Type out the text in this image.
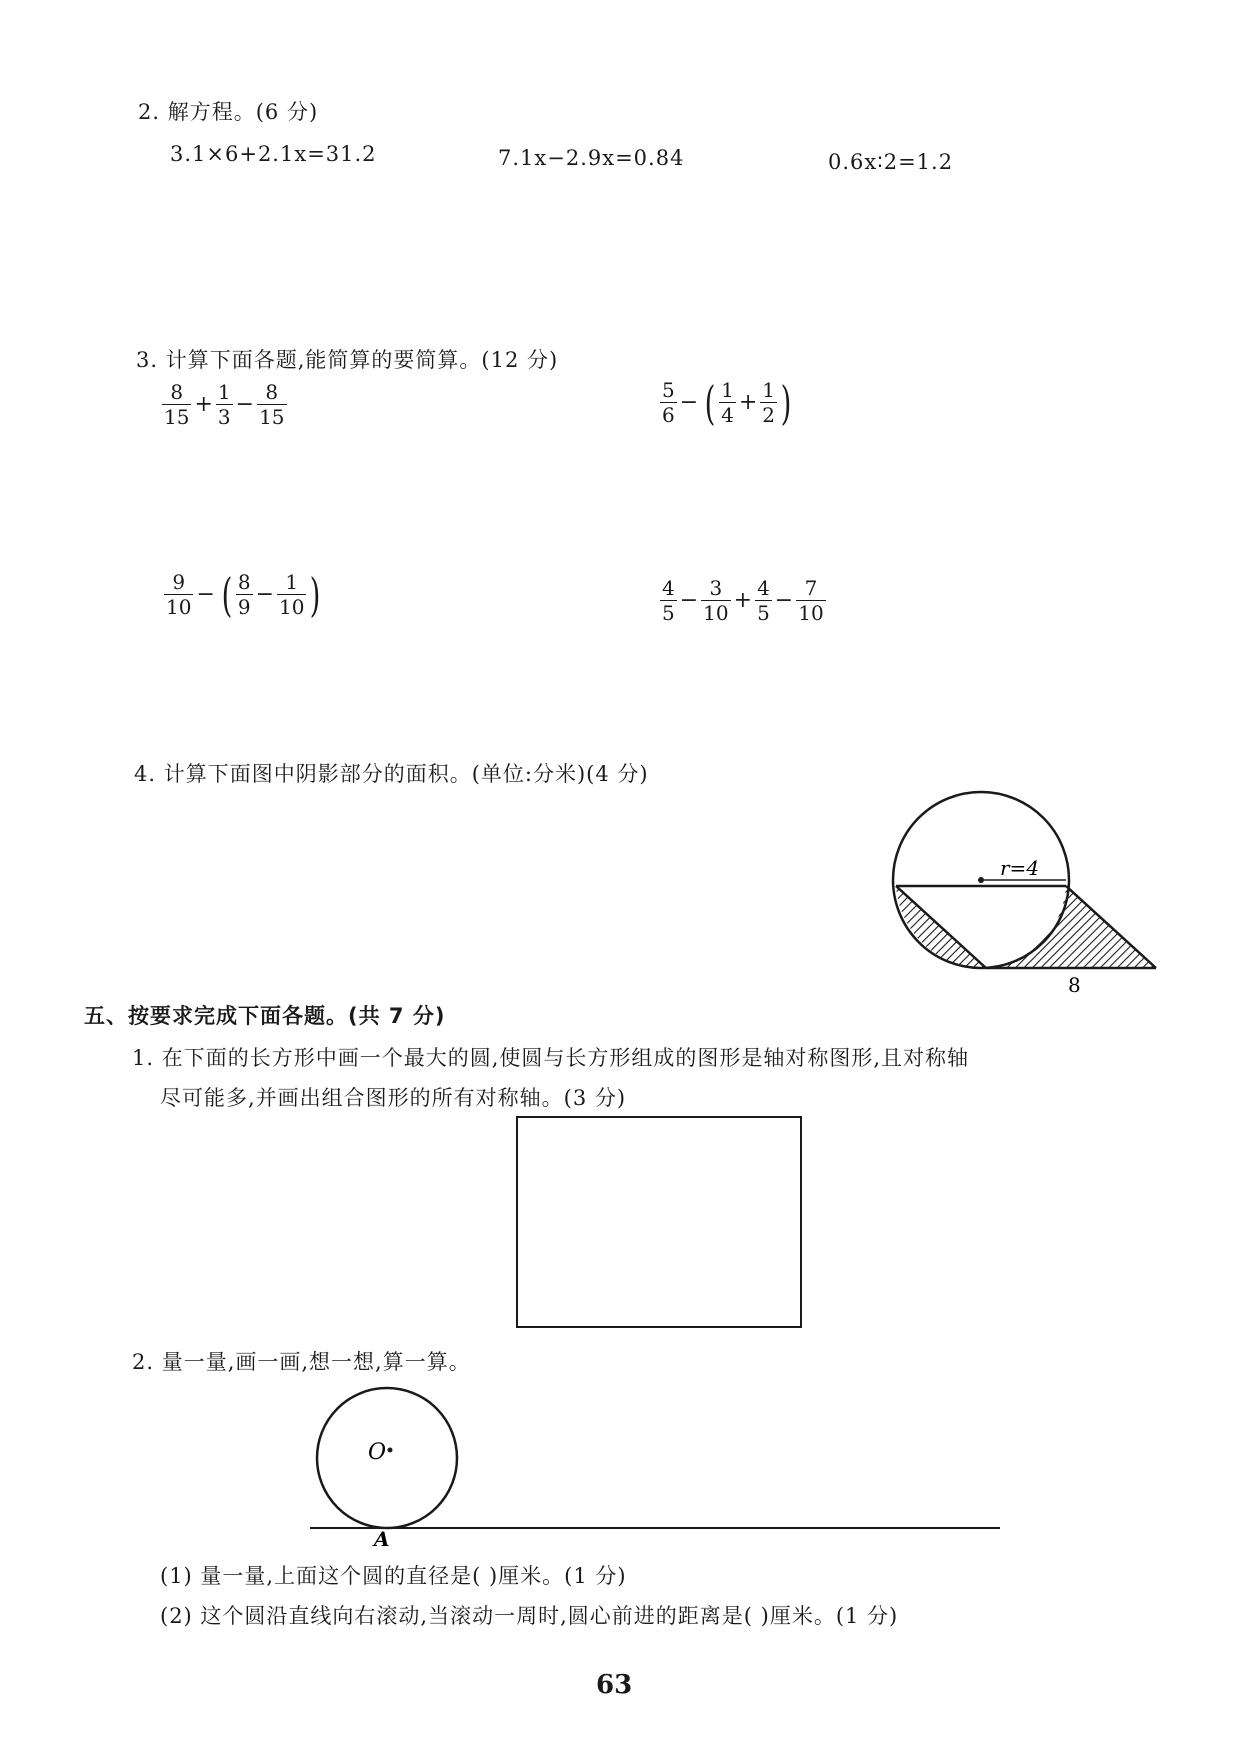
2. 解方程。(6 分)
3.1×6+2.1x=31.2	7.1x−2.9x=0.84	0.6x∶2=1.2
3. 计算下面各题,能简算的要简算。(12 分)
$\frac{8}{15} + \frac{1}{3} - \frac{8}{15}$	$\frac{5}{6}$ − ( $\frac{1}{4} + \frac{1}{2}$ )
$\frac{9}{10}$ − ( $\frac{8}{9} - \frac{1}{10}$ )	$\frac{4}{5} - \frac{3}{10} + \frac{4}{5} - \frac{7}{10}$
4. 计算下面图中阴影部分的面积。(单位:分米)(4 分)
r=4
8
五、按要求完成下面各题。(共 7 分)
1. 在下面的长方形中画一个最大的圆,使圆与长方形组成的图形是轴对称图形,且对称轴
尽可能多,并画出组合图形的所有对称轴。(3 分)
2. 量一量,画一画,想一想,算一算。
O
A
(1) 量一量,上面这个圆的直径是( )厘米。(1 分)
(2) 这个圆沿直线向右滚动,当滚动一周时,圆心前进的距离是( )厘米。(1 分)
63
